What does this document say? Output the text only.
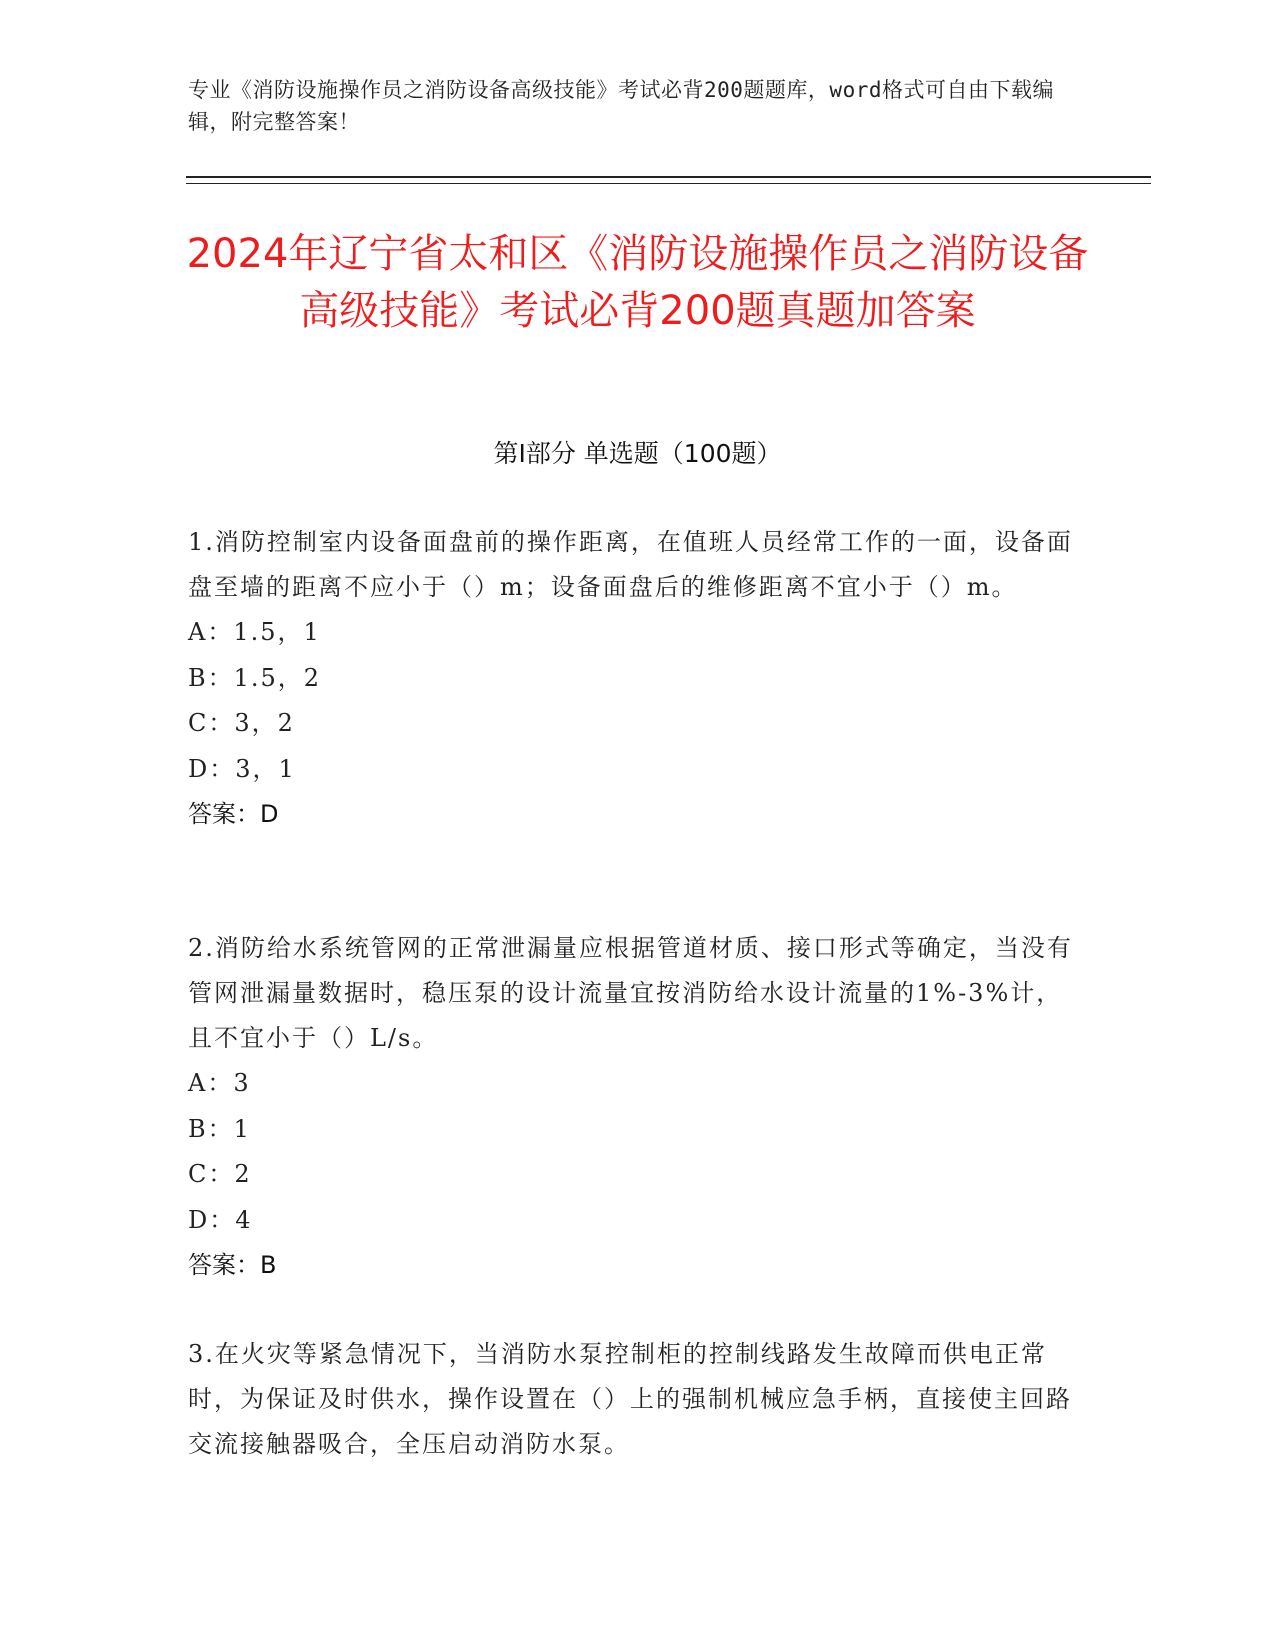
专业《消防设施操作员之消防设备高级技能》考试必背200题题库，word格式可自由下载编辑，附完整答案！
2024年辽宁省太和区《消防设施操作员之消防设备高级技能》考试必背200题真题加答案
第Ⅰ部分 单选题（100题）

1.消防控制室内设备面盘前的操作距离，在值班人员经常工作的一面，设备面盘至墙的距离不应小于（）m；设备面盘后的维修距离不宜小于（）m。

A：1.5，1

B：1.5，2

C：3，2

D：3，1

答案：D

2.消防给水系统管网的正常泄漏量应根据管道材质、接口形式等确定，当没有管网泄漏量数据时，稳压泵的设计流量宜按消防给水设计流量的1%-3%计，且不宜小于（）L/s。

A：3

B：1

C：2

D：4

答案：B

3.在火灾等紧急情况下，当消防水泵控制柜的控制线路发生故障而供电正常时，为保证及时供水，操作设置在（）上的强制机械应急手柄，直接使主回路交流接触器吸合，全压启动消防水泵。
